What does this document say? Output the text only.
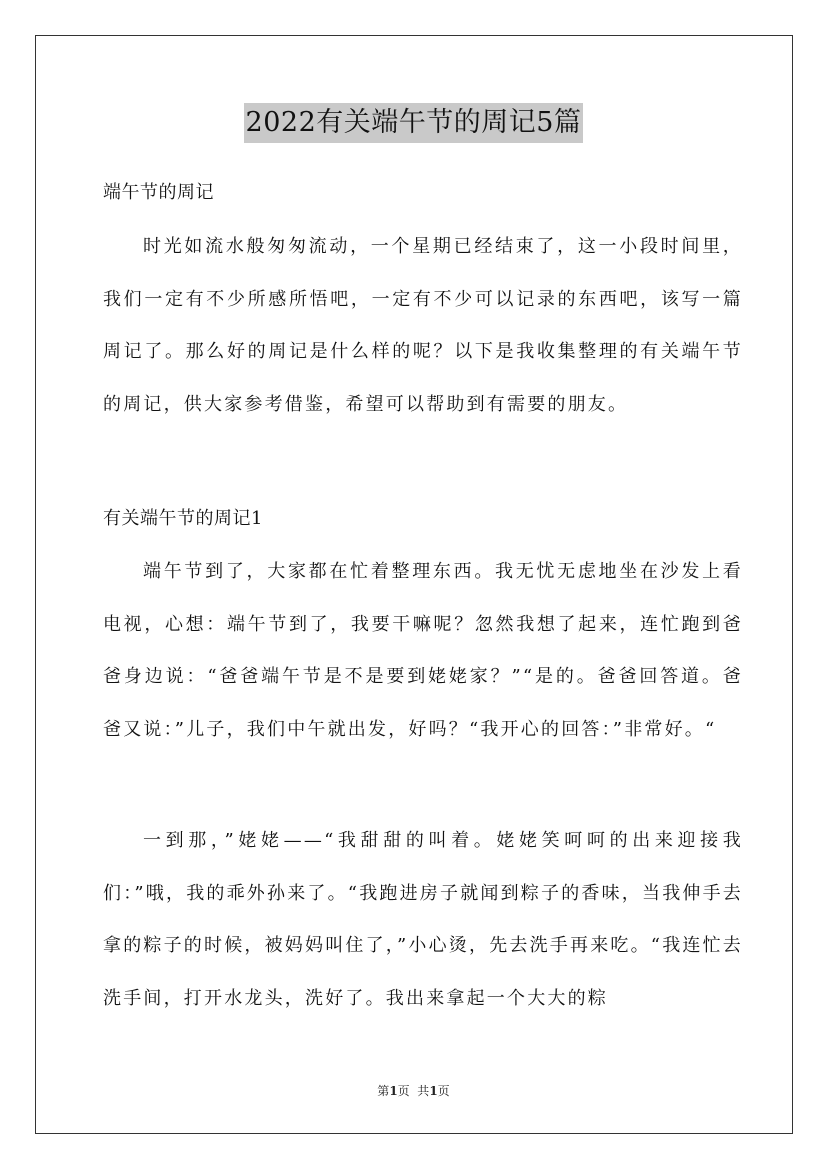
2022有关端午节的周记5篇
端午节的周记

时光如流水般匆匆流动，一个星期已经结束了，这一小段时间里，我们一定有不少所感所悟吧，一定有不少可以记录的东西吧，该写一篇周记了。那么好的周记是什么样的呢？以下是我收集整理的有关端午节的周记，供大家参考借鉴，希望可以帮助到有需要的朋友。

有关端午节的周记1

端午节到了，大家都在忙着整理东西。我无忧无虑地坐在沙发上看电视，心想：端午节到了，我要干嘛呢？忽然我想了起来，连忙跑到爸爸身边说：“爸爸端午节是不是要到姥姥家？”“是的。爸爸回答道。爸爸又说：”儿子，我们中午就出发，好吗？“我开心的回答：”非常好。“

一到那，”姥姥——“我甜甜的叫着。姥姥笑呵呵的出来迎接我们：”哦，我的乖外孙来了。“我跑进房子就闻到粽子的香味，当我伸手去拿的粽子的时候，被妈妈叫住了，”小心烫，先去洗手再来吃。“我连忙去洗手间，打开水龙头，洗好了。我出来拿起一个大大的粽

第1页  共1页
